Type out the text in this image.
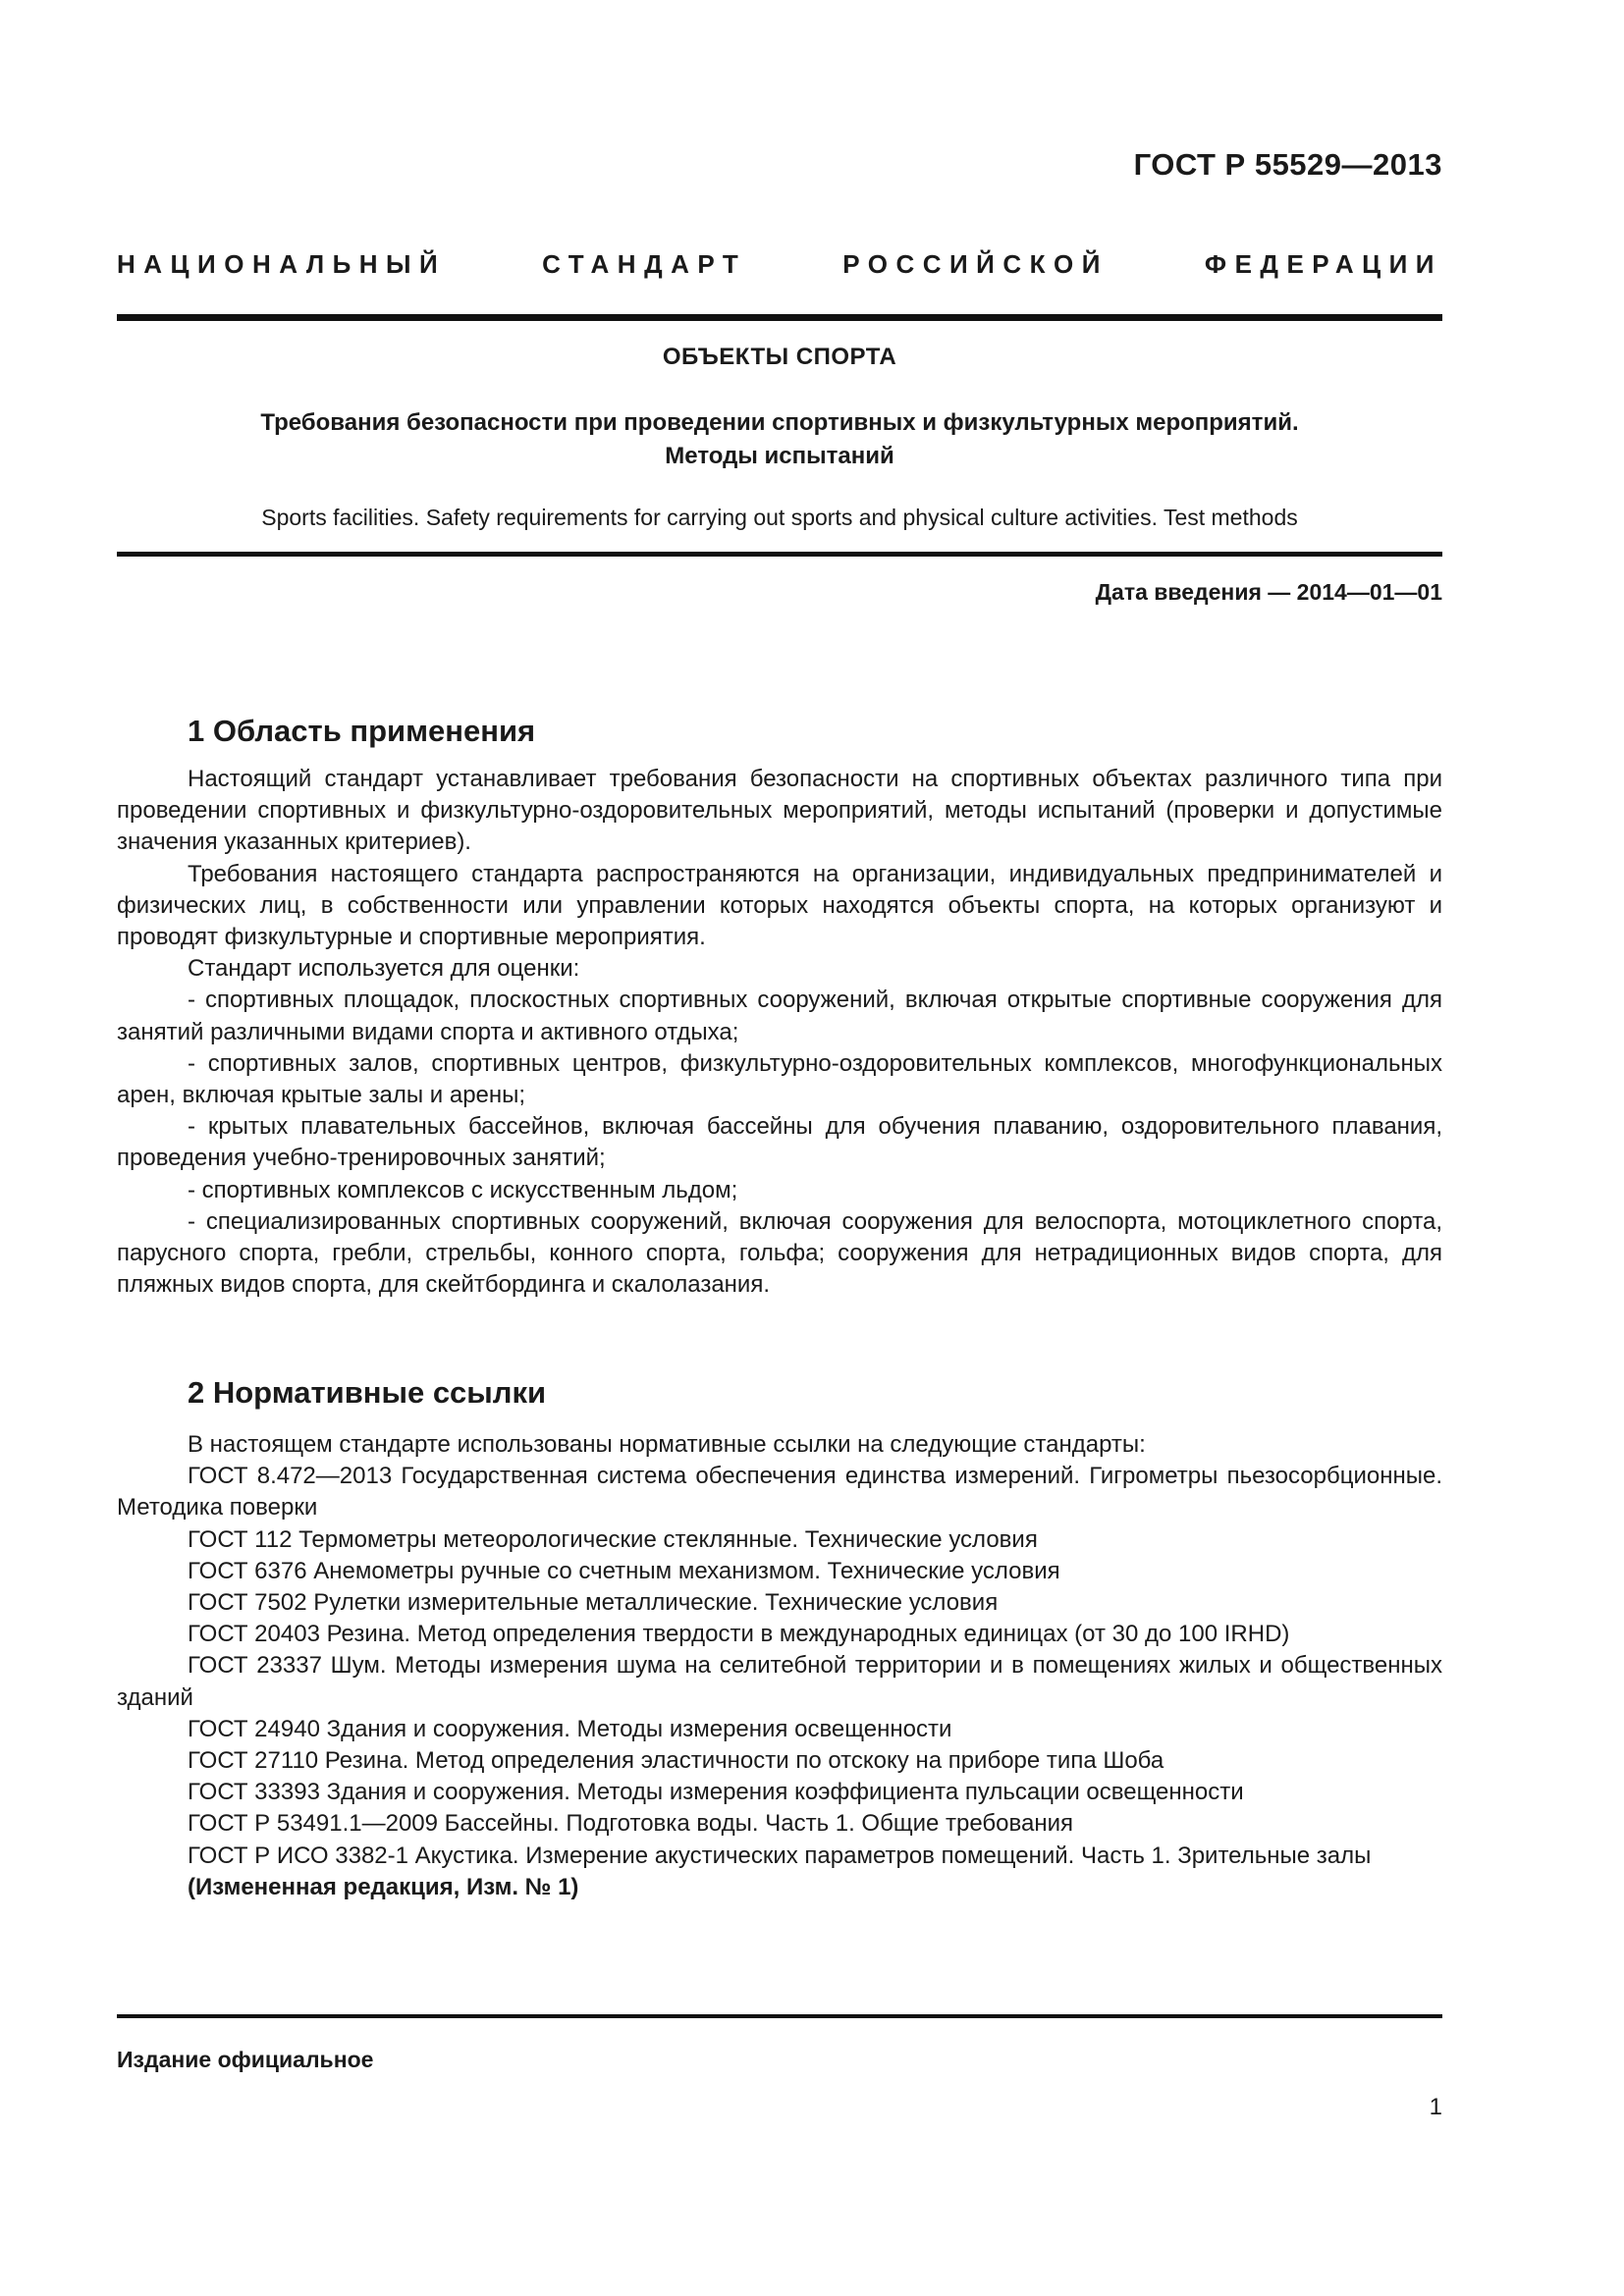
ГОСТ Р 55529—2013
НАЦИОНАЛЬНЫЙ СТАНДАРТ РОССИЙСКОЙ ФЕДЕРАЦИИ
ОБЪЕКТЫ СПОРТА
Требования безопасности при проведении спортивных и физкультурных мероприятий.
Методы испытаний
Sports facilities. Safety requirements for carrying out sports and physical culture activities. Test methods
Дата введения — 2014—01—01
1 Область применения

Настоящий стандарт устанавливает требования безопасности на спортивных объектах различного типа при проведении спортивных и физкультурно-оздоровительных мероприятий, методы испытаний (проверки и допустимые значения указанных критериев).

Требования настоящего стандарта распространяются на организации, индивидуальных предпринимателей и физических лиц, в собственности или управлении которых находятся объекты спорта, на которых организуют и проводят физкультурные и спортивные мероприятия.

Стандарт используется для оценки:

- спортивных площадок, плоскостных спортивных сооружений, включая открытые спортивные сооружения для занятий различными видами спорта и активного отдыха;

- спортивных залов, спортивных центров, физкультурно-оздоровительных комплексов, многофункциональных арен, включая крытые залы и арены;

- крытых плавательных бассейнов, включая бассейны для обучения плаванию, оздоровительного плавания, проведения учебно-тренировочных занятий;

- спортивных комплексов с искусственным льдом;

- специализированных спортивных сооружений, включая сооружения для велоспорта, мотоциклетного спорта, парусного спорта, гребли, стрельбы, конного спорта, гольфа; сооружения для нетрадиционных видов спорта, для пляжных видов спорта, для скейтбординга и скалолазания.

2 Нормативные ссылки

В настоящем стандарте использованы нормативные ссылки на следующие стандарты:

ГОСТ 8.472—2013 Государственная система обеспечения единства измерений. Гигрометры пьезосорбционные. Методика поверки

ГОСТ 112 Термометры метеорологические стеклянные. Технические условия

ГОСТ 6376 Анемометры ручные со счетным механизмом. Технические условия

ГОСТ 7502 Рулетки измерительные металлические. Технические условия

ГОСТ 20403 Резина. Метод определения твердости в международных единицах (от 30 до 100 IRHD)

ГОСТ 23337 Шум. Методы измерения шума на селитебной территории и в помещениях жилых и общественных зданий

ГОСТ 24940 Здания и сооружения. Методы измерения освещенности

ГОСТ 27110 Резина. Метод определения эластичности по отскоку на приборе типа Шоба

ГОСТ 33393 Здания и сооружения. Методы измерения коэффициента пульсации освещенности

ГОСТ Р 53491.1—2009 Бассейны. Подготовка воды. Часть 1. Общие требования

ГОСТ Р ИСО 3382-1 Акустика. Измерение акустических параметров помещений. Часть 1. Зрительные залы

(Измененная редакция, Изм. № 1)

Издание официальное
1
